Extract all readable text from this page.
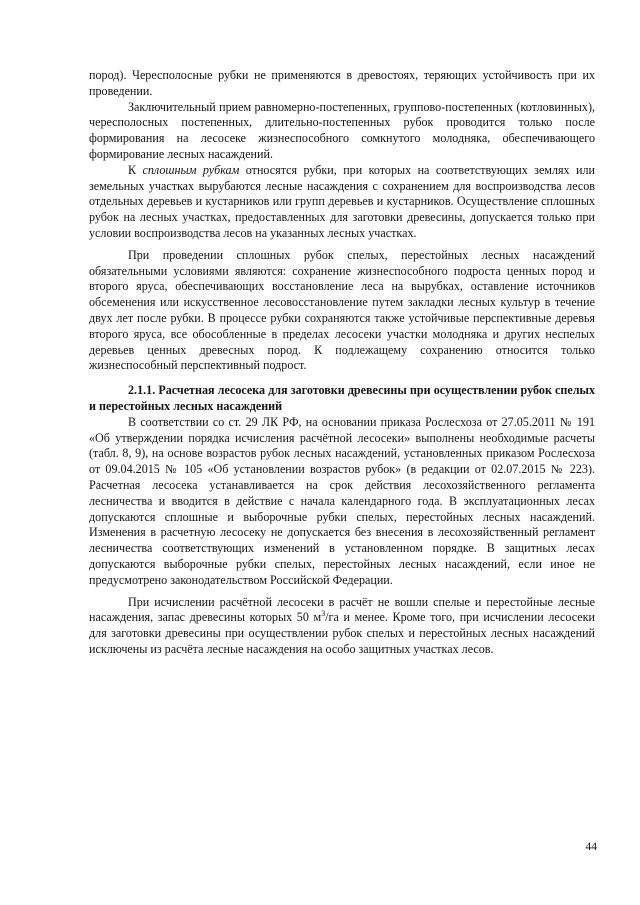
пород). Чересполосные рубки не применяются в древостоях, теряющих устойчивость при их проведении.

Заключительный прием равномерно-постепенных, группово-постепенных (котловинных), чересполосных постепенных, длительно-постепенных рубок проводится только после формирования на лесосеке жизнеспособного сомкнутого молодняка, обеспечивающего формирование лесных насаждений.

К сплошным рубкам относятся рубки, при которых на соответствующих землях или земельных участках вырубаются лесные насаждения с сохранением для воспроизводства лесов отдельных деревьев и кустарников или групп деревьев и кустарников. Осуществление сплошных рубок на лесных участках, предоставленных для заготовки древесины, допускается только при условии воспроизводства лесов на указанных лесных участках.

При проведении сплошных рубок спелых, перестойных лесных насаждений обязательными условиями являются: сохранение жизнеспособного подроста ценных пород и второго яруса, обеспечивающих восстановление леса на вырубках, оставление источников обсеменения или искусственное лесовосстановление путем закладки лесных культур в течение двух лет после рубки. В процессе рубки сохраняются также устойчивые перспективные деревья второго яруса, все обособленные в пределах лесосеки участки молодняка и других неспелых деревьев ценных древесных пород. К подлежащему сохранению относится только жизнеспособный перспективный подрост.

2.1.1. Расчетная лесосека для заготовки древесины при осуществлении рубок спелых и перестойных лесных насаждений

В соответствии со ст. 29 ЛК РФ, на основании приказа Рослесхоза от 27.05.2011 № 191 «Об утверждении порядка исчисления расчётной лесосеки» выполнены необходимые расчеты (табл. 8, 9), на основе возрастов рубок лесных насаждений, установленных приказом Рослесхоза от 09.04.2015 № 105 «Об установлении возрастов рубок» (в редакции от 02.07.2015 № 223). Расчетная лесосека устанавливается на срок действия лесохозяйственного регламента лесничества и вводится в действие с начала календарного года. В эксплуатационных лесах допускаются сплошные и выборочные рубки спелых, перестойных лесных насаждений. Изменения в расчетную лесосеку не допускается без внесения в лесохозяйственный регламент лесничества соответствующих изменений в установленном порядке. В защитных лесах допускаются выборочные рубки спелых, перестойных лесных насаждений, если иное не предусмотрено законодательством Российской Федерации.

При исчислении расчётной лесосеки в расчёт не вошли спелые и перестойные лесные насаждения, запас древесины которых 50 $м^3/га$ и менее. Кроме того, при исчислении лесосеки для заготовки древесины при осуществлении рубок спелых и перестойных лесных насаждений исключены из расчёта лесные насаждения на особо защитных участках лесов.

44
